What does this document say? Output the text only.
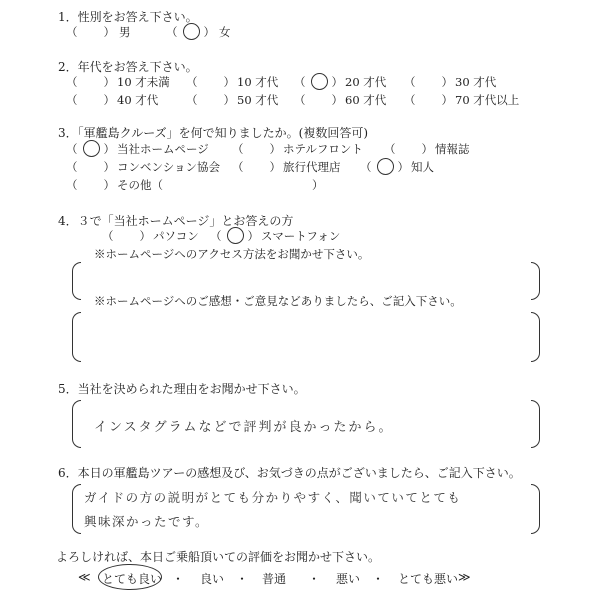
1．性別をお答え下さい。
（ ） 男	（ ） 女
2．年代をお答え下さい。
（ ） 10 才未満 （ ） 10 才代 （ ） 20 才代 （ ） 30 才代
（ ） 40 才代 （ ） 50 才代 （ ） 60 才代 （ ） 70 才代以上
3．「軍艦島クルーズ」を何で知りましたか。(複数回答可)
（ ） 当社ホームページ （ ） ホテルフロント （ ） 情報誌
（ ） コンベンション協会 （ ） 旅行代理店 （ ） 知人
（ ） その他（	）
4．３で「当社ホームページ」とお答えの方
（ ） パソコン （ ） スマートフォン
※ホームページへのアクセス方法をお聞かせ下さい。
※ホームページへのご感想・ご意見などありましたら、ご記入下さい。
5．当社を決められた理由をお聞かせ下さい。
インスタグラムなどで評判が良かったから。
6．本日の軍艦島ツアーの感想及び、お気づきの点がございましたら、ご記入下さい。
ガイドの方の説明がとても分かりやすく、聞いていてとても
興味深かったです。
よろしければ、本日ご乗船頂いての評価をお聞かせ下さい。
≪ とても良い ・ 良い ・ 普通 ・ 悪い ・ とても悪い ≫
